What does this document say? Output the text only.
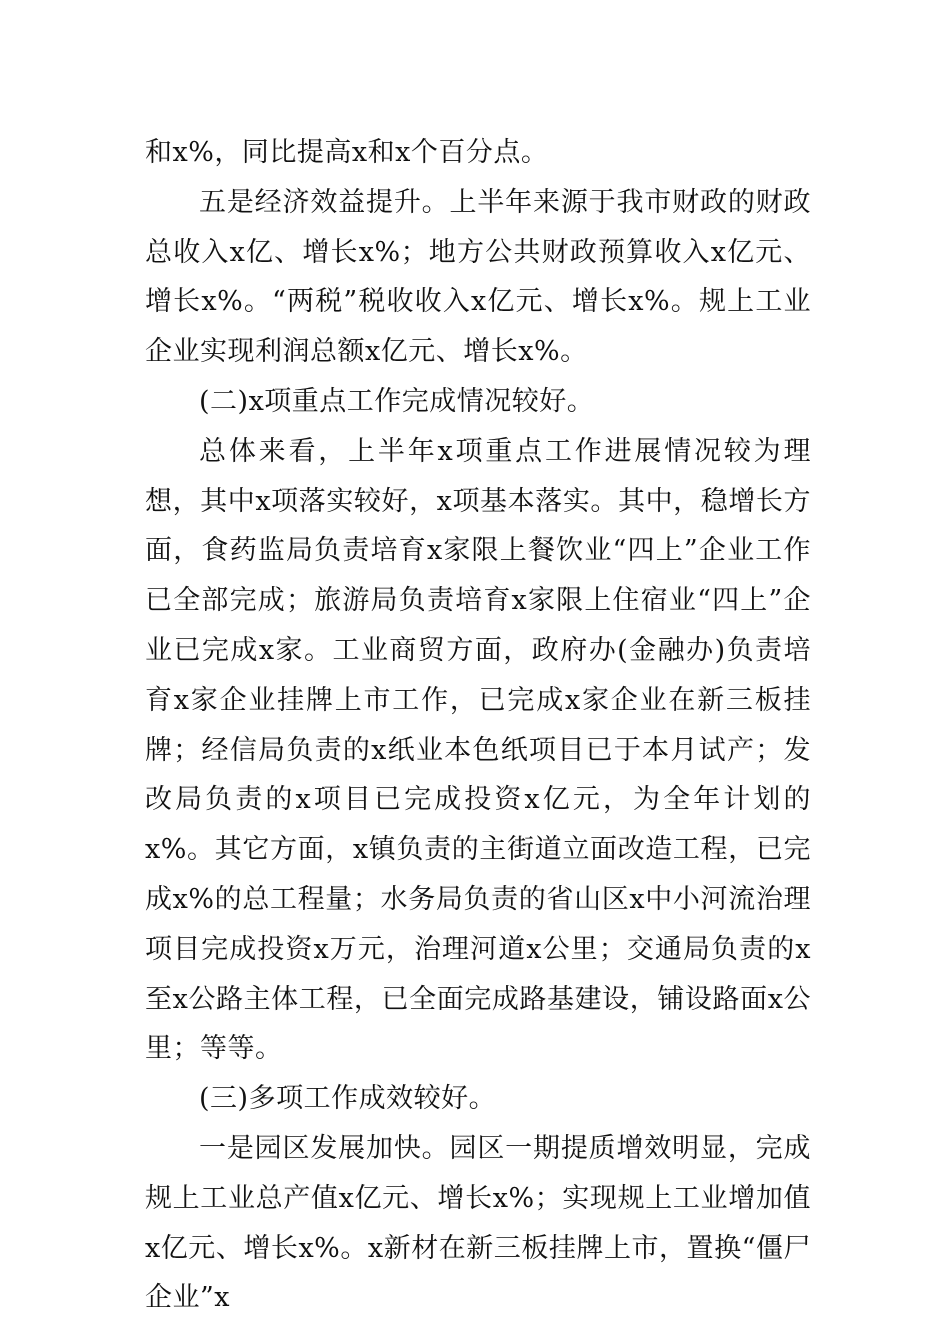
和x%，同比提高x和x个百分点。

五是经济效益提升。上半年来源于我市财政的财政总收入x亿、增长x%；地方公共财政预算收入x亿元、增长x%。“两税”税收收入x亿元、增长x%。规上工业企业实现利润总额x亿元、增长x%。

(二)x项重点工作完成情况较好。

总体来看，上半年x项重点工作进展情况较为理想，其中x项落实较好，x项基本落实。其中，稳增长方面，食药监局负责培育x家限上餐饮业“四上”企业工作已全部完成；旅游局负责培育x家限上住宿业“四上”企业已完成x家。工业商贸方面，政府办(金融办)负责培育x家企业挂牌上市工作，已完成x家企业在新三板挂牌；经信局负责的x纸业本色纸项目已于本月试产；发改局负责的x项目已完成投资x亿元，为全年计划的x%。其它方面，x镇负责的主街道立面改造工程，已完成x%的总工程量；水务局负责的省山区x中小河流治理项目完成投资x万元，治理河道x公里；交通局负责的x至x公路主体工程，已全面完成路基建设，铺设路面x公里；等等。

(三)多项工作成效较好。

一是园区发展加快。园区一期提质增效明显，完成规上工业总产值x亿元、增长x%；实现规上工业增加值x亿元、增长x%。x新材在新三板挂牌上市，置换“僵尸企业”x
